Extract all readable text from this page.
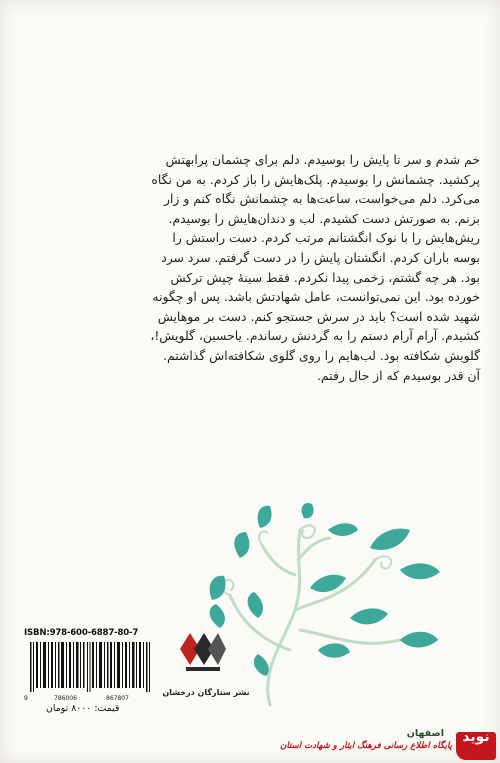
خم شدم و سر تا پایش را بوسیدم. دلم برای چشمان پرابهتش

پرکشید. چشمانش را بوسیدم. پلک‌هایش را باز کردم. به من نگاه

می‌کرد. دلم می‌خواست، ساعت‌ها به چشمانش نگاه کنم و زار

بزنم. به صورتش دست کشیدم. لب و دندان‌هایش را بوسیدم.

ریش‌هایش را با نوک انگشتانم مرتب کردم. دست راستش را

بوسه باران کردم. انگشتان پایش را در دست گرفتم. سرد سرد

بود. هر چه گشتم، زخمی پیدا نکردم. فقط سینهٔ چپش ترکش

خورده بود. این نمی‌توانست، عامل شهادتش باشد. پس او چگونه

شهید شده است؟ باید در سرش جستجو کنم. دست بر موهایش

کشیدم. آرام آرام دستم را به گردنش رساندم. یاحسین، گلویش!،

گلویش شکافته بود. لب‌هایم را روی گلوی شکافته‌اش گذاشتم.

آن قدر بوسیدم که از حال رفتم.

ISBN:978-600-6887-80-7
9	786006	867807
قیمت: ۸۰۰۰ تومان
نشر ستارگان درخشان
نوید
اصفهان
پایگاه اطلاع رسانی فرهنگ ایثار و شهادت استان
